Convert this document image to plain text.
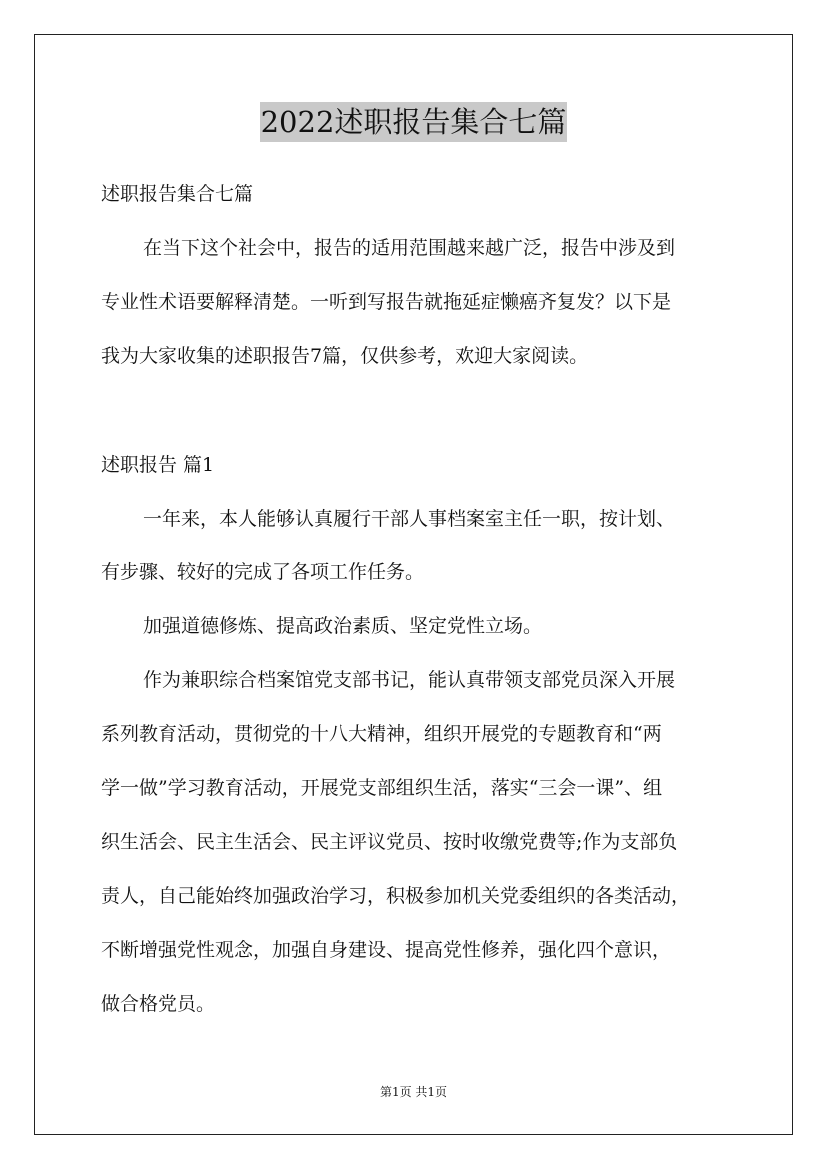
2022述职报告集合七篇
述职报告集合七篇
在当下这个社会中，报告的适用范围越来越广泛，报告中涉及到
专业性术语要解释清楚。一听到写报告就拖延症懒癌齐复发？以下是
我为大家收集的述职报告7篇，仅供参考，欢迎大家阅读。
述职报告 篇1
一年来，本人能够认真履行干部人事档案室主任一职，按计划、
有步骤、较好的完成了各项工作任务。
加强道德修炼、提高政治素质、坚定党性立场。
作为兼职综合档案馆党支部书记，能认真带领支部党员深入开展
系列教育活动，贯彻党的十八大精神，组织开展党的专题教育和“两
学一做”学习教育活动，开展党支部组织生活，落实“三会一课”、组
织生活会、民主生活会、民主评议党员、按时收缴党费等;作为支部负
责人，自己能始终加强政治学习，积极参加机关党委组织的各类活动，
不断增强党性观念，加强自身建设、提高党性修养，强化四个意识，
做合格党员。
第1页 共1页
